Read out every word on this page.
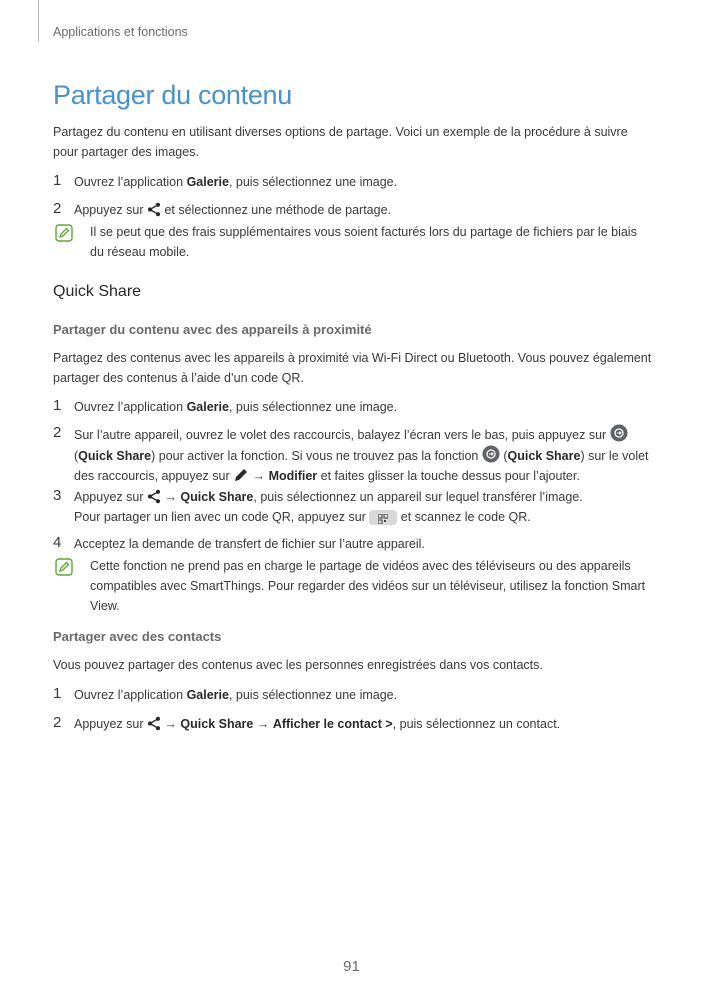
Applications et fonctions
Partager du contenu

Partagez du contenu en utilisant diverses options de partage. Voici un exemple de la procédure à suivre pour partager des images.

1 Ouvrez l’application Galerie, puis sélectionnez une image.
2 Appuyez sur  et sélectionnez une méthode de partage.
Il se peut que des frais supplémentaires vous soient facturés lors du partage de fichiers par le biais du réseau mobile.
Quick Share
Partager du contenu avec des appareils à proximité

Partagez des contenus avec les appareils à proximité via Wi-Fi Direct ou Bluetooth. Vous pouvez également partager des contenus à l’aide d’un code QR.

1 Ouvrez l’application Galerie, puis sélectionnez une image.
2 Sur l’autre appareil, ouvrez le volet des raccourcis, balayez l’écran vers le bas, puis appuyez sur
(Quick Share) pour activer la fonction. Si vous ne trouvez pas la fonction  (Quick Share) sur le volet des raccourcis, appuyez sur  → Modifier et faites glisser la touche dessus pour l’ajouter.
3 Appuyez sur  → Quick Share, puis sélectionnez un appareil sur lequel transférer l’image.
Pour partager un lien avec un code QR, appuyez sur  et scannez le code QR.
4 Acceptez la demande de transfert de fichier sur l’autre appareil.
Cette fonction ne prend pas en charge le partage de vidéos avec des téléviseurs ou des appareils compatibles avec SmartThings. Pour regarder des vidéos sur un téléviseur, utilisez la fonction Smart View.
Partager avec des contacts

Vous pouvez partager des contenus avec les personnes enregistrées dans vos contacts.

1 Ouvrez l’application Galerie, puis sélectionnez une image.
2 Appuyez sur  → Quick Share → Afficher le contact >, puis sélectionnez un contact.
91
